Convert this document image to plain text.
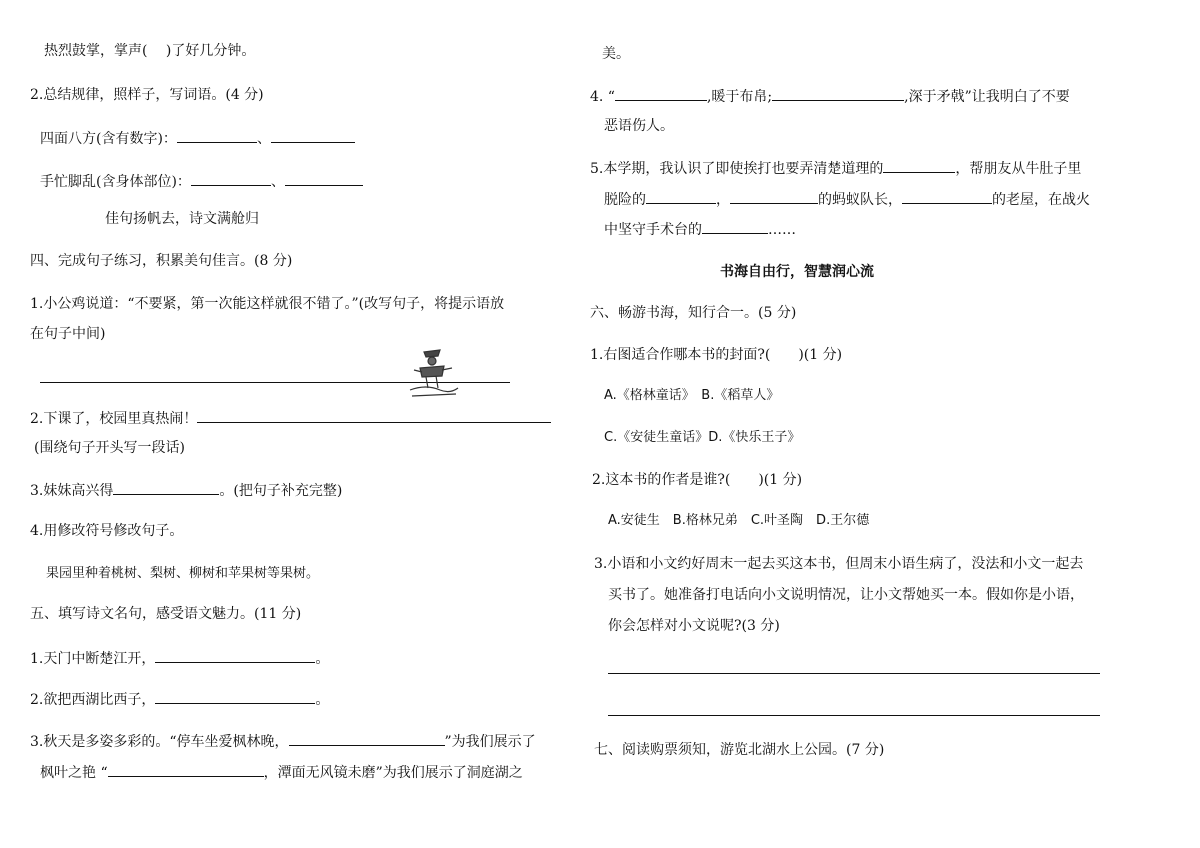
热烈鼓掌，掌声(　 )了好几分钟。
2.总结规律，照样子，写词语。(4 分)
四面八方(含有数字)：	、
手忙脚乱(含身体部位)：	、
佳句扬帆去，诗文满舱归
四、完成句子练习，积累美句佳言。(8 分)
1.小公鸡说道：“不要紧，第一次能这样就很不错了。”(改写句子，将提示语放
在句子中间)
2.下课了，校园里真热闹！
(围绕句子开头写一段话)
3.妹妹高兴得	。(把句子补充完整)
4.用修改符号修改句子。
果园里种着桃树、梨树、柳树和苹果树等果树。
五、填写诗文名句，感受语文魅力。(11 分)
1.天门中断楚江开，	。
2.欲把西湖比西子，	。
3.秋天是多姿多彩的。“停车坐爱枫林晚，	”为我们展示了
枫叶之艳 “	，潭面无风镜未磨”为我们展示了洞庭湖之
美。
4. “	,暖于布帛;	,深于矛戟”让我明白了不要
恶语伤人。
5.本学期，我认识了即使挨打也要弄清楚道理的	，帮朋友从牛肚子里
脱险的	，	的蚂蚁队长，	的老屋，在战火
中坚守手术台的	……
书海自由行，智慧润心流
六、畅游书海，知行合一。(5 分)
1.右图适合作哪本书的封面?(　　)(1 分)
A.《格林童话》　B.《稻草人》
C.《安徒生童话》D.《快乐王子》
2.这本书的作者是谁?(　　)(1 分)
A.安徒生　B.格林兄弟　C.叶圣陶　D.王尔德
3.小语和小文约好周末一起去买这本书，但周末小语生病了，没法和小文一起去
买书了。她准备打电话向小文说明情况，让小文帮她买一本。假如你是小语，
你会怎样对小文说呢?(3 分)
七、阅读购票须知，游览北湖水上公园。(7 分)
